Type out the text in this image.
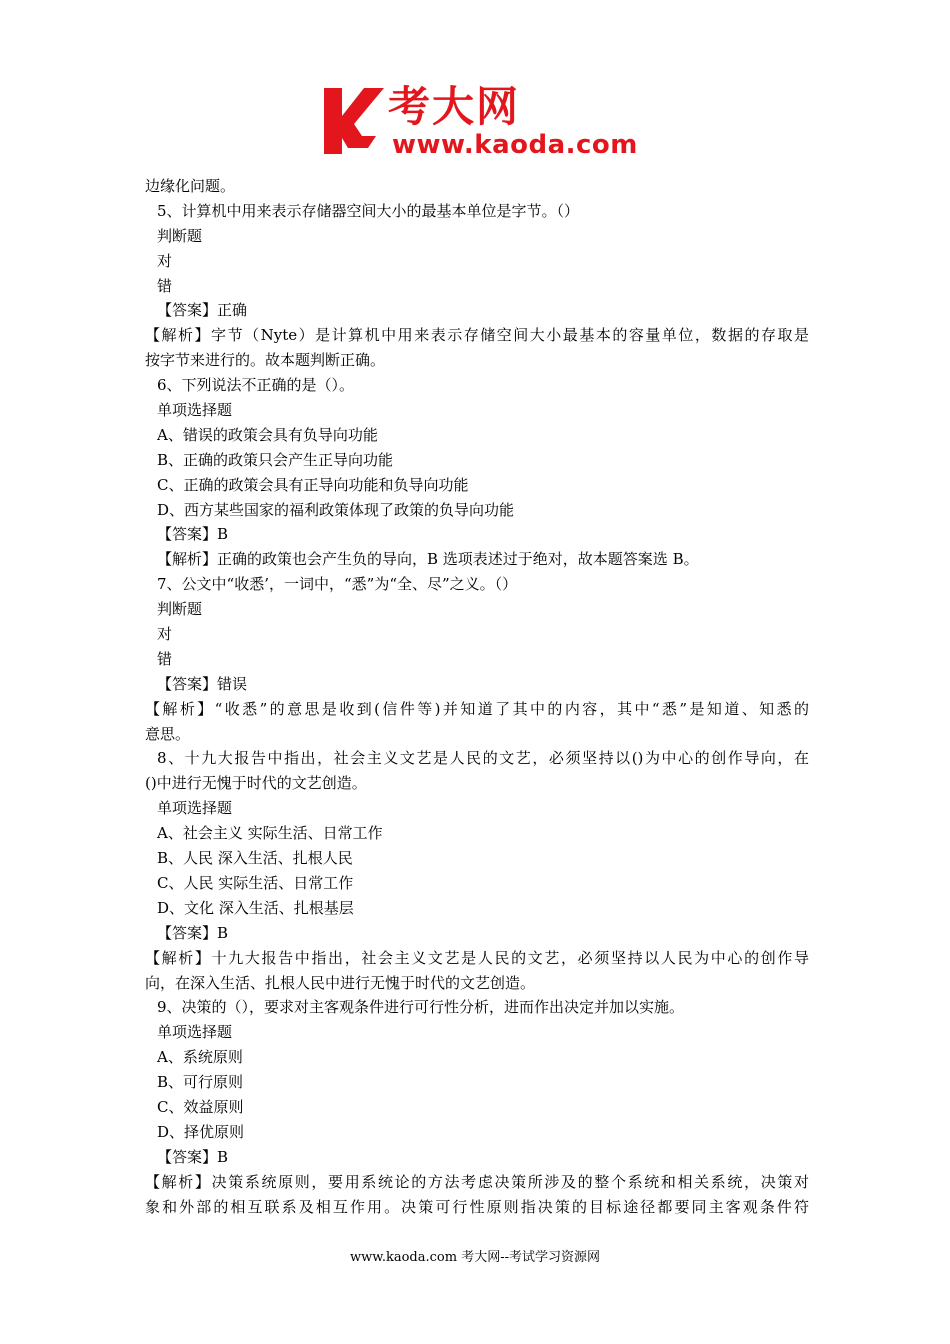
考大网
www.kaoda.com
边缘化问题。
5、计算机中用来表示存储器空间大小的最基本单位是字节。（）
判断题
对
错
【答案】正确
【解析】字节（Nyte）是计算机中用来表示存储空间大小最基本的容量单位，数据的存取是
按字节来进行的。故本题判断正确。
6、下列说法不正确的是（）。
单项选择题
A、错误的政策会具有负导向功能
B、正确的政策只会产生正导向功能
C、正确的政策会具有正导向功能和负导向功能
D、西方某些国家的福利政策体现了政策的负导向功能
【答案】B
【解析】正确的政策也会产生负的导向，B 选项表述过于绝对，故本题答案选 B。
7、公文中“收悉’，一词中，“悉”为“全、尽”之义。（）
判断题
对
错
【答案】错误
【解析】“收悉”的意思是收到(信件等)并知道了其中的内容，其中“悉”是知道、知悉的
意思。
8、十九大报告中指出，社会主义文艺是人民的文艺，必须坚持以()为中心的创作导向，在
()中进行无愧于时代的文艺创造。
单项选择题
A、社会主义 实际生活、日常工作
B、人民 深入生活、扎根人民
C、人民 实际生活、日常工作
D、文化 深入生活、扎根基层
【答案】B
【解析】十九大报告中指出，社会主义文艺是人民的文艺，必须坚持以人民为中心的创作导
向，在深入生活、扎根人民中进行无愧于时代的文艺创造。
9、决策的（），要求对主客观条件进行可行性分析，进而作出决定并加以实施。
单项选择题
A、系统原则
B、可行原则
C、效益原则
D、择优原则
【答案】B
【解析】决策系统原则，要用系统论的方法考虑决策所涉及的整个系统和相关系统，决策对
象和外部的相互联系及相互作用。决策可行性原则指决策的目标途径都要同主客观条件符
www.kaoda.com 考大网--考试学习资源网
